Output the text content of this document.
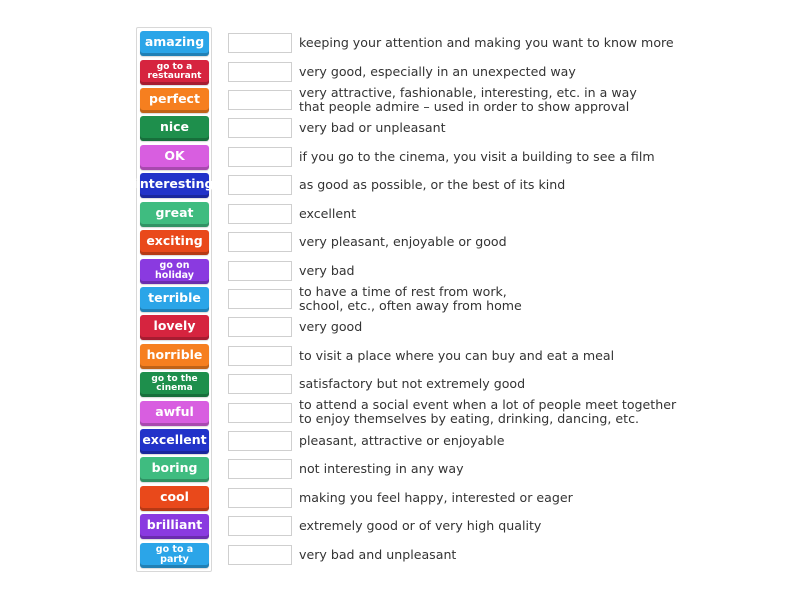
amazing
go to a restaurant
perfect
nice
OK
interesting
great
exciting
go on holiday
terrible
lovely
horrible
go to the cinema
awful
excellent
boring
cool
brilliant
go to a party
keeping your attention and making you want to know more
very good, especially in an unexpected way
very attractive, fashionable, interesting, etc. in a way
that people admire – used in order to show approval
very bad or unpleasant
if you go to the cinema, you visit a building to see a film
as good as possible, or the best of its kind
excellent
very pleasant, enjoyable or good
very bad
to have a time of rest from work,
school, etc., often away from home
very good
to visit a place where you can buy and eat a meal
satisfactory but not extremely good
to attend a social event when a lot of people meet together
to enjoy themselves by eating, drinking, dancing, etc.
pleasant, attractive or enjoyable
not interesting in any way
making you feel happy, interested or eager
extremely good or of very high quality
very bad and unpleasant
